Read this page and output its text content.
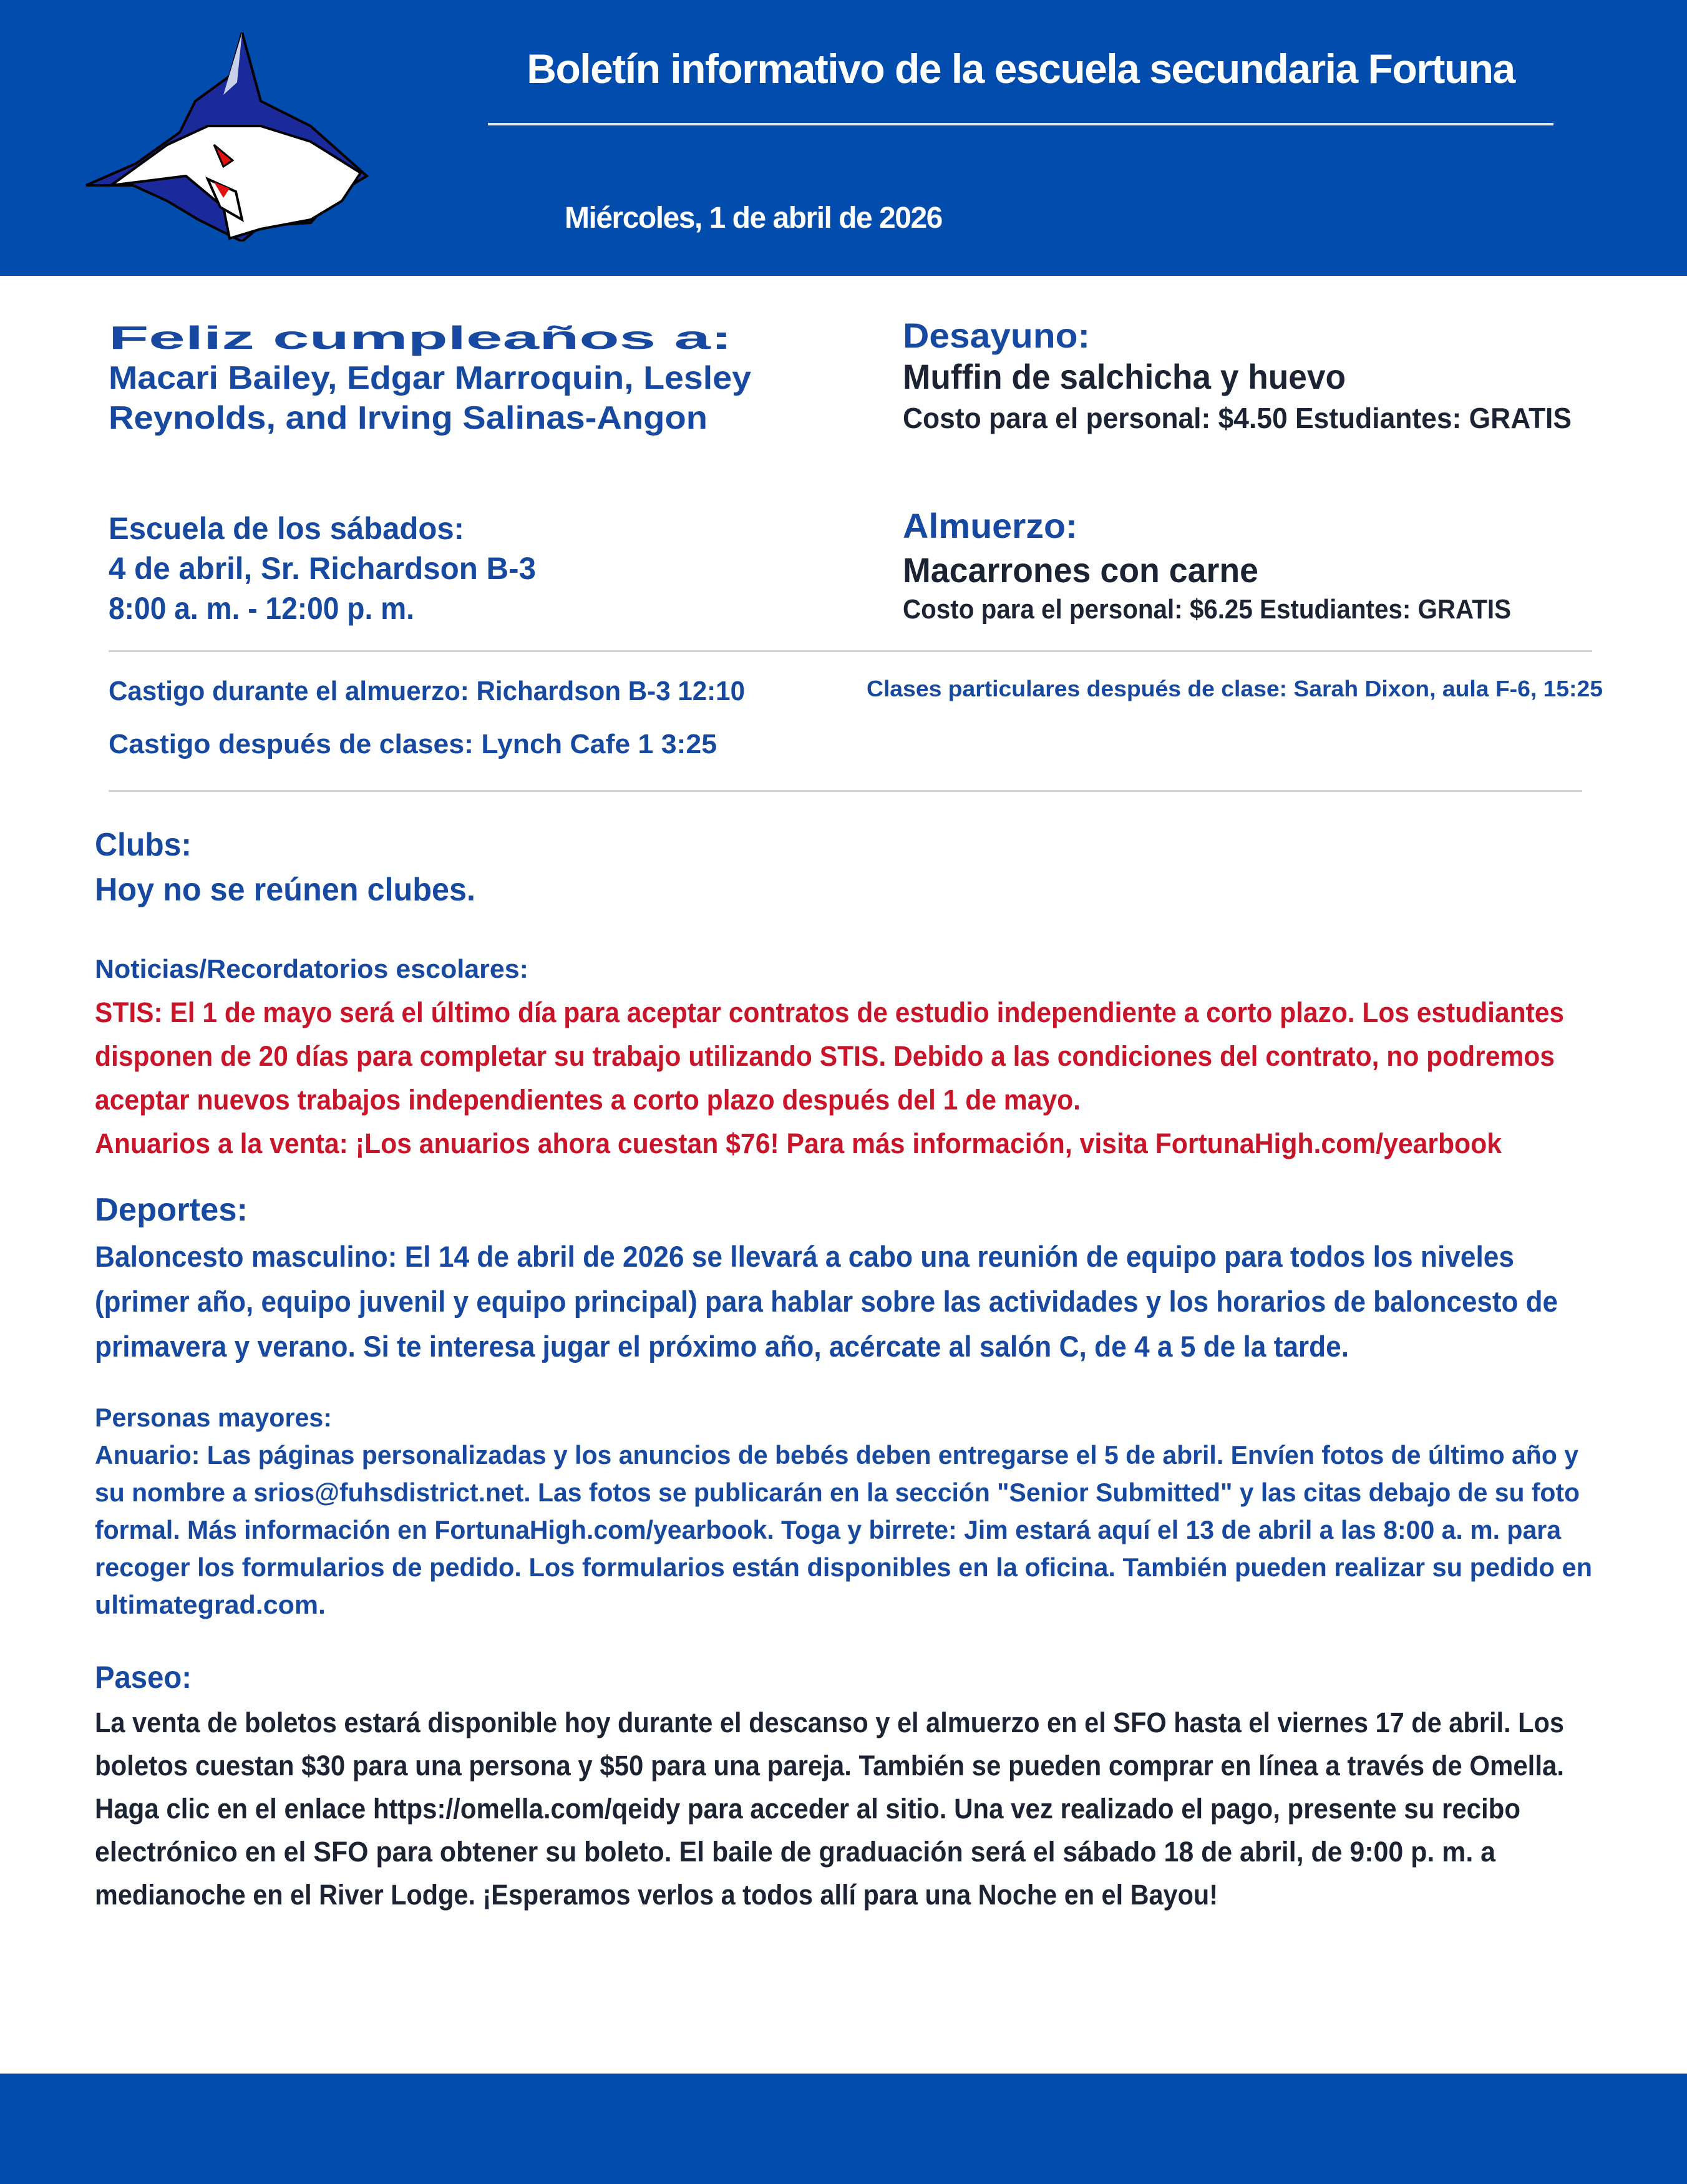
Boletín informativo de la escuela secundaria Fortuna
Miércoles, 1 de abril de 2026
Feliz cumpleaños a:
Macari Bailey, Edgar Marroquin, Lesley
Reynolds, and Irving Salinas-Angon
Desayuno:
Muffin de salchicha y huevo
Costo para el personal: $4.50 Estudiantes: GRATIS
Escuela de los sábados:
4 de abril, Sr. Richardson B-3
8:00 a. m. - 12:00 p. m.
Almuerzo:
Macarrones con carne
Costo para el personal: $6.25 Estudiantes: GRATIS
Castigo durante el almuerzo: Richardson B-3 12:10
Castigo después de clases: Lynch Cafe 1 3:25
Clases particulares después de clase: Sarah Dixon, aula F-6, 15:25
Clubs:
Hoy no se reúnen clubes.
Noticias/Recordatorios escolares:
STIS: El 1 de mayo será el último día para aceptar contratos de estudio independiente a corto plazo. Los estudiantes
disponen de 20 días para completar su trabajo utilizando STIS. Debido a las condiciones del contrato, no podremos
aceptar nuevos trabajos independientes a corto plazo después del 1 de mayo.
Anuarios a la venta: ¡Los anuarios ahora cuestan $76! Para más información, visita FortunaHigh.com/yearbook
Deportes:
Baloncesto masculino: El 14 de abril de 2026 se llevará a cabo una reunión de equipo para todos los niveles
(primer año, equipo juvenil y equipo principal) para hablar sobre las actividades y los horarios de baloncesto de
primavera y verano. Si te interesa jugar el próximo año, acércate al salón C, de 4 a 5 de la tarde.
Personas mayores:
Anuario: Las páginas personalizadas y los anuncios de bebés deben entregarse el 5 de abril. Envíen fotos de último año y
su nombre a srios@fuhsdistrict.net. Las fotos se publicarán en la sección "Senior Submitted" y las citas debajo de su foto
formal. Más información en FortunaHigh.com/yearbook. Toga y birrete: Jim estará aquí el 13 de abril a las 8:00 a. m. para
recoger los formularios de pedido. Los formularios están disponibles en la oficina. También pueden realizar su pedido en
ultimategrad.com.
Paseo:
La venta de boletos estará disponible hoy durante el descanso y el almuerzo en el SFO hasta el viernes 17 de abril. Los
boletos cuestan $30 para una persona y $50 para una pareja. También se pueden comprar en línea a través de Omella.
Haga clic en el enlace https://omella.com/qeidy para acceder al sitio. Una vez realizado el pago, presente su recibo
electrónico en el SFO para obtener su boleto. El baile de graduación será el sábado 18 de abril, de 9:00 p. m. a
medianoche en el River Lodge. ¡Esperamos verlos a todos allí para una Noche en el Bayou!
